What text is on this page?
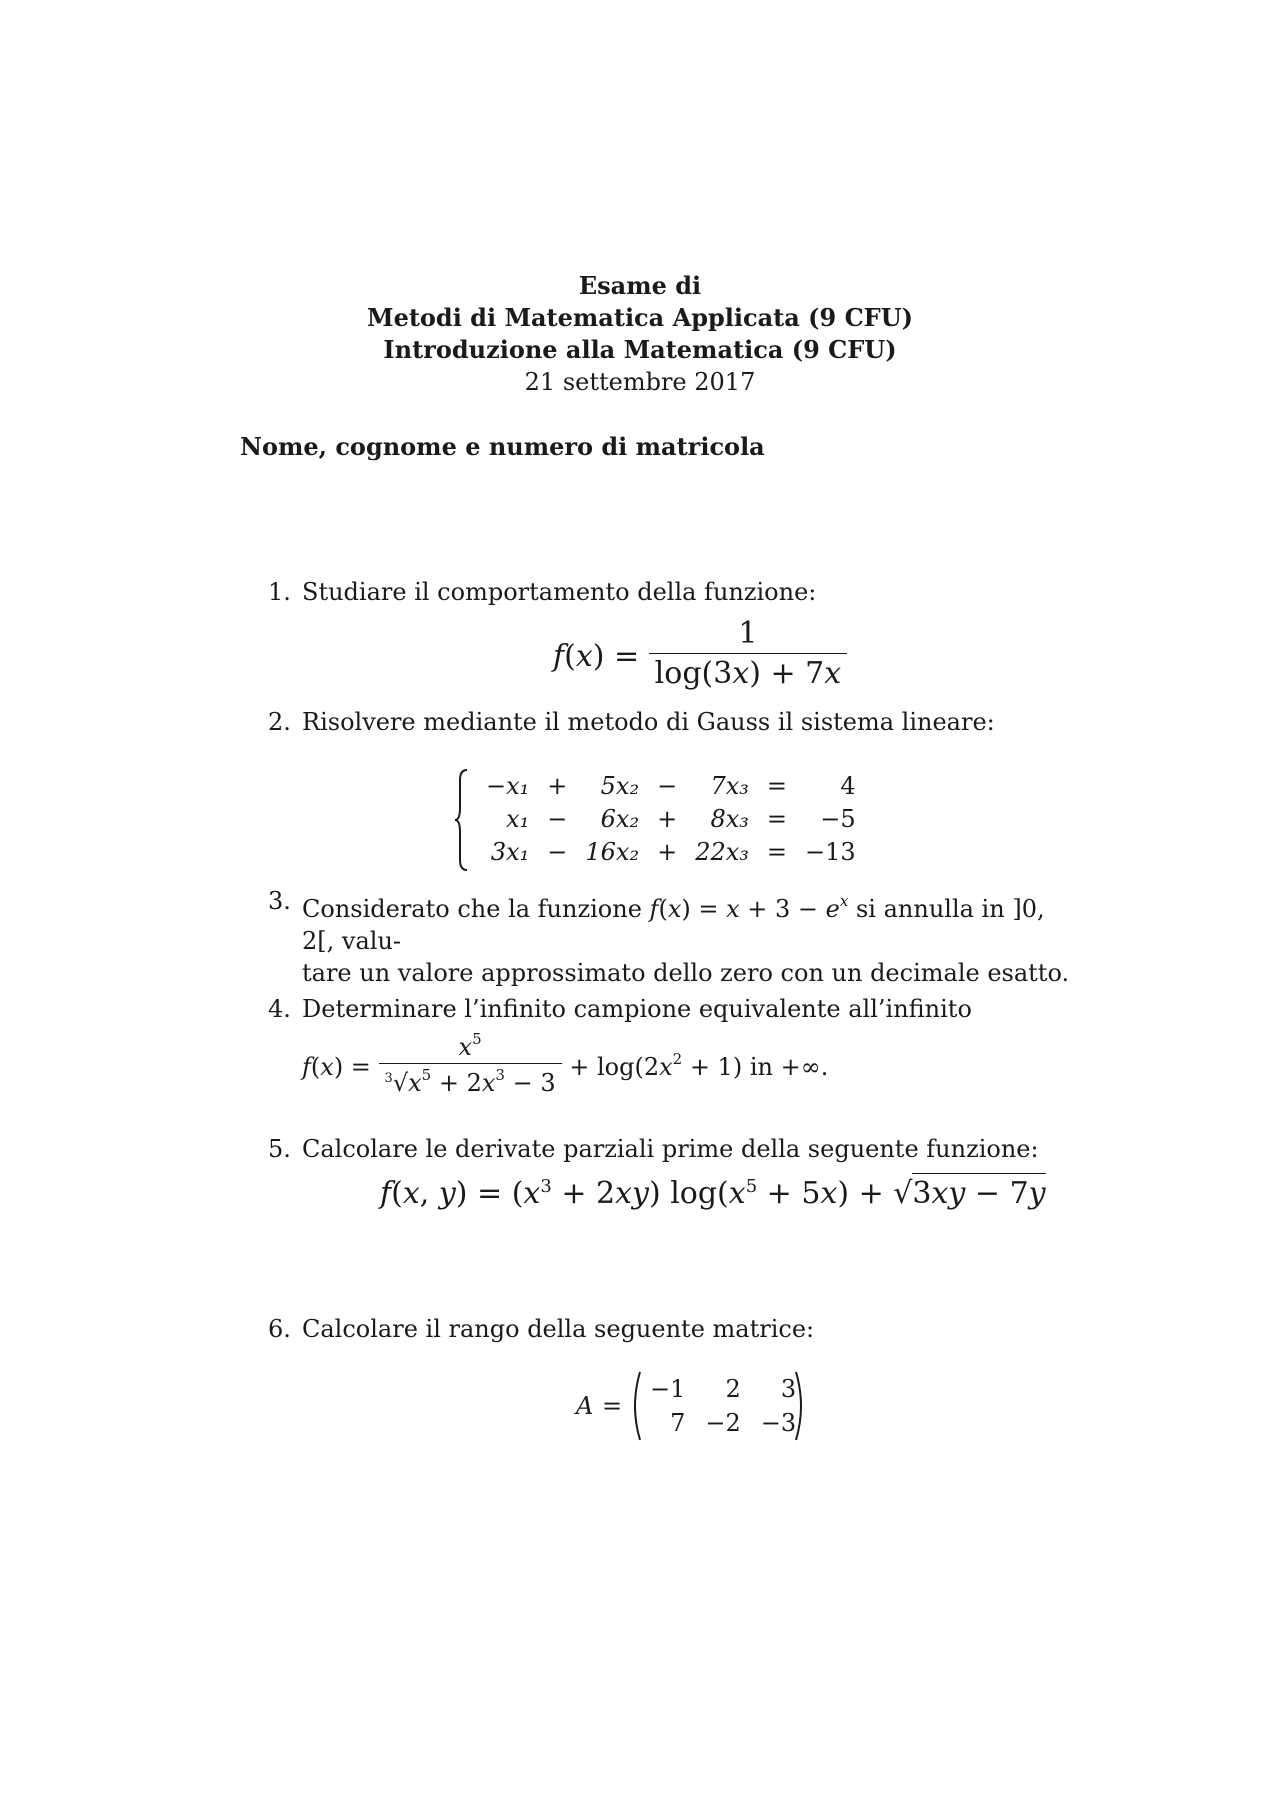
Esame di
Metodi di Matematica Applicata (9 CFU)
Introduzione alla Matematica (9 CFU)
21 settembre 2017
Nome, cognome e numero di matricola
1. Studiare il comportamento della funzione:
$f(x) = \frac{1}{\log(3x) + 7x}$
2. Risolvere mediante il metodo di Gauss il sistema lineare:
−x₁	+	5x₂	−	7x₃	=	4
x₁	−	6x₂	+	8x₃	=	−5
3x₁	−	16x₂	+	22x₃	=	−13
3. Considerato che la funzione $f(x) = x + 3 - e^x$ si annulla in ]0, 2[, valu-
tare un valore approssimato dello zero con un decimale esatto.
4. Determinare l’infinito campione equivalente all’infinito
$f(x) = \frac{x^5}{^3√x^5 + 2x^3 - 3} + \log(2x^2 + 1)$ in +∞.
5. Calcolare le derivate parziali prime della seguente funzione:
f(x, $y) = (x^3 + 2xy) \log(x^5 + 5x) + √3xy - 7y$
6. Calcolare il rango della seguente matrice:
A =
−1	2	3
7	−2	−3
